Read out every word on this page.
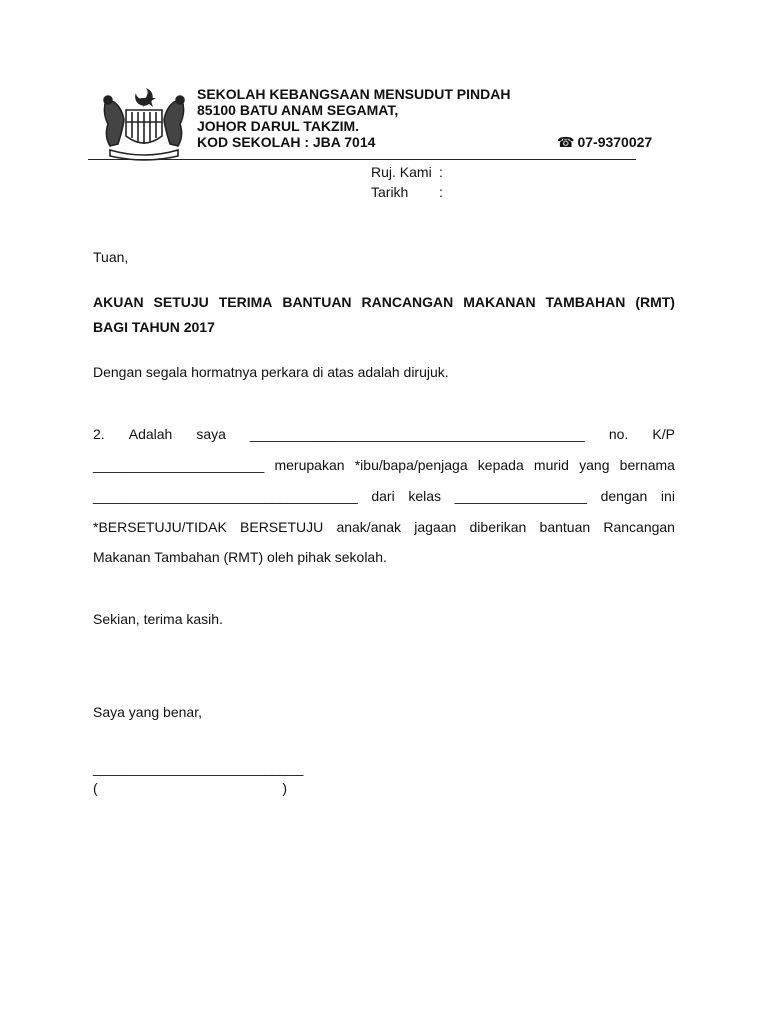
SEKOLAH KEBANGSAAN MENSUDUT PINDAH
85100 BATU ANAM SEGAMAT,
JOHOR DARUL TAKZIM.
KOD SEKOLAH : JBA 7014	☎ 07-9370027
Ruj. Kami :
Tarikh :
Tuan,
AKUAN SETUJU TERIMA BANTUAN RANCANGAN MAKANAN TAMBAHAN (RMT)
BAGI TAHUN 2017
Dengan segala hormatnya perkara di atas adalah dirujuk.
2. Adalah saya ___________________________________________ no. K/P
______________________ merupakan *ibu/bapa/penjaga kepada murid yang bernama
__________________________________ dari kelas _________________ dengan ini
*BERSETUJU/TIDAK BERSETUJU anak/anak jagaan diberikan bantuan Rancangan
Makanan Tambahan (RMT) oleh pihak sekolah.
Sekian, terima kasih.
Saya yang benar,
___________________________
(	)
